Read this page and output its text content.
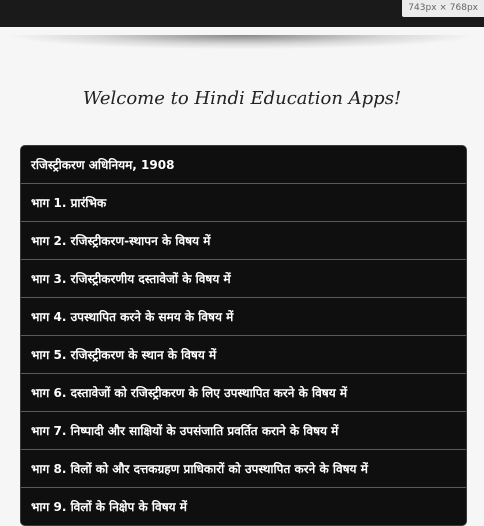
743px × 768px
Welcome to Hindi Education Apps!
रजिस्ट्रीकरण अधिनियम, 1908
भाग 1. प्रारंभिक
भाग 2. रजिस्ट्रीकरण-स्थापन के विषय में
भाग 3. रजिस्ट्रीकरणीय दस्तावेजों के विषय में
भाग 4. उपस्थापित करने के समय के विषय में
भाग 5. रजिस्ट्रीकरण के स्थान के विषय में
भाग 6. दस्तावेजों को रजिस्ट्रीकरण के लिए उपस्थापित करने के विषय में
भाग 7. निष्पादी और साक्षियों के उपसंजाति प्रवर्तित कराने के विषय में
भाग 8. विलों को और दत्तकग्रहण प्राधिकारों को उपस्थापित करने के विषय में
भाग 9. विलों के निक्षेप के विषय में
